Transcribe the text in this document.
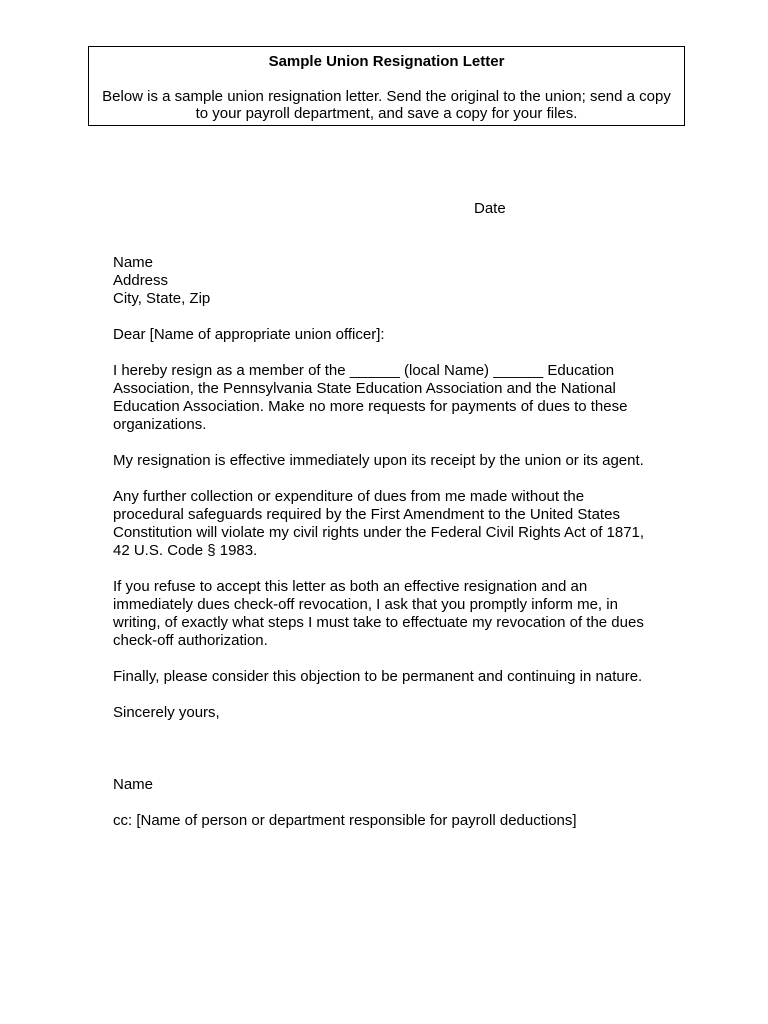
Sample Union Resignation Letter
Below is a sample union resignation letter. Send the original to the union; send a copy to your payroll department, and save a copy for your files.
Date
Name
Address
City, State, Zip

Dear [Name of appropriate union officer]:

I hereby resign as a member of the ______ (local Name) ______ Education Association, the Pennsylvania State Education Association and the National Education Association. Make no more requests for payments of dues to these organizations.

My resignation is effective immediately upon its receipt by the union or its agent.

Any further collection or expenditure of dues from me made without the procedural safeguards required by the First Amendment to the United States Constitution will violate my civil rights under the Federal Civil Rights Act of 1871, 42 U.S. Code § 1983.

If you refuse to accept this letter as both an effective resignation and an immediately dues check-off revocation, I ask that you promptly inform me, in writing, of exactly what steps I must take to effectuate my revocation of the dues check-off authorization.

Finally, please consider this objection to be permanent and continuing in nature.

Sincerely yours,

Name

cc: [Name of person or department responsible for payroll deductions]
